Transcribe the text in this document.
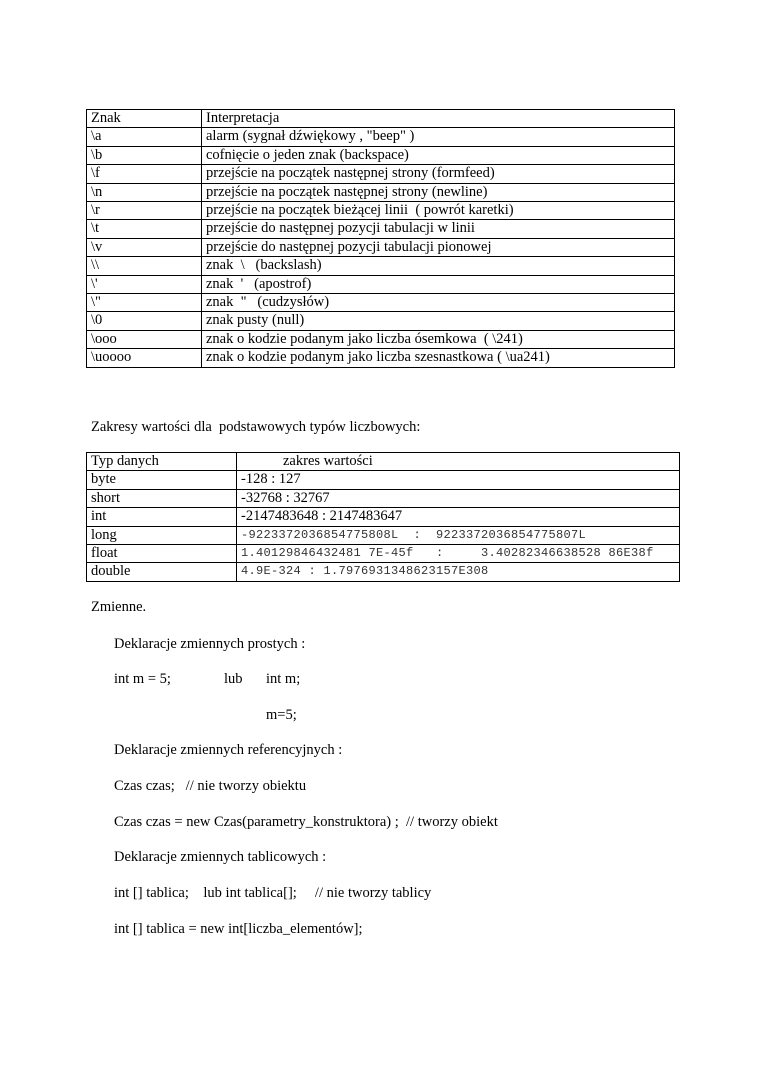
Znak	Interpretacja
\a	alarm (sygnał dźwiękowy , "beep" )
\b	cofnięcie o jeden znak (backspace)
\f	przejście na początek następnej strony (formfeed)
\n	przejście na początek następnej strony (newline)
\r	przejście na początek bieżącej linii  ( powrót karetki)
\t	przejście do następnej pozycji tabulacji w linii
\v	przejście do następnej pozycji tabulacji pionowej
\\	znak  \   (backslash)
\'	znak  '   (apostrof)
\"	znak  "   (cudzysłów)
\0	znak pusty (null)
\ooo	znak o kodzie podanym jako liczba ósemkowa  ( \241)
\uoooo	znak o kodzie podanym jako liczba szesnastkowa ( \ua241)
Zakresy wartości dla  podstawowych typów liczbowych:
Typ danych	zakres wartości
byte	-128 : 127
short	-32768 : 32767
int	-2147483648 : 2147483647
long	-9223372036854775808L  :  9223372036854775807L
float	1.40129846432481 7E-45f   :     3.40282346638528 86E38f
double	4.9E-324 : 1.7976931348623157E308
Zmienne.
Deklaracje zmiennych prostych :
int m = 5;	lub int m;
m=5;
Deklaracje zmiennych referencyjnych :
Czas czas;   // nie tworzy obiektu
Czas czas = new Czas(parametry_konstruktora) ;  // tworzy obiekt
Deklaracje zmiennych tablicowych :
int [] tablica;    lub int tablica[];     // nie tworzy tablicy
int [] tablica = new int[liczba_elementów];
